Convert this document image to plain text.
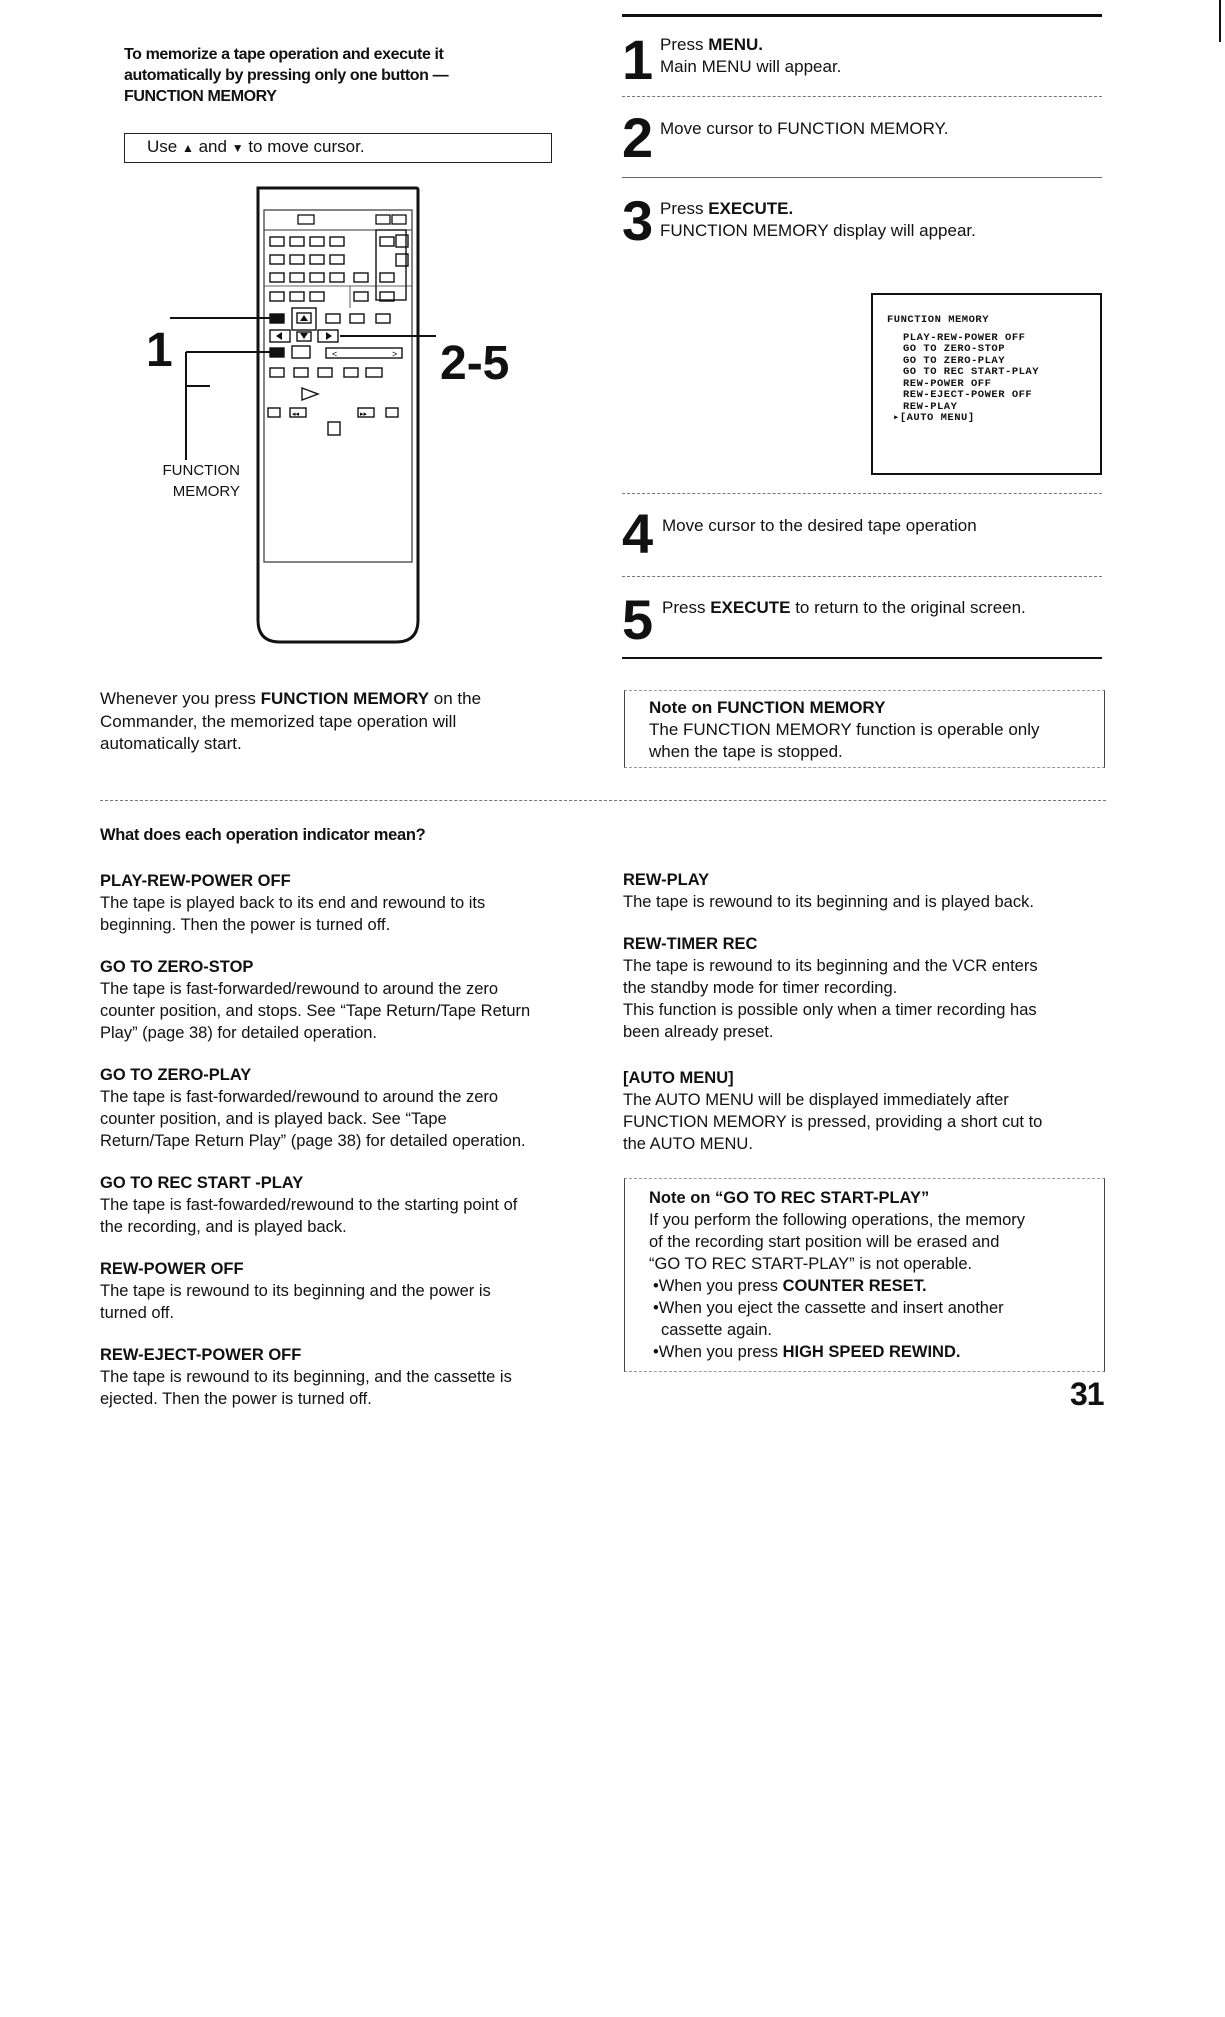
To memorize a tape operation and execute it
automatically by pressing only one button —
FUNCTION MEMORY
Use ▲ and ▼ to move cursor.
<	>
◂◂	▸▸
1	2-5
FUNCTION
MEMORY
1 Press MENU.
Main MENU will appear.
2 Move cursor to FUNCTION MEMORY.
3 Press EXECUTE.
FUNCTION MEMORY display will appear.
FUNCTION MEMORY
PLAY-REW-POWER OFF
GO TO ZERO-STOP
GO TO ZERO-PLAY
GO TO REC START-PLAY
REW-POWER OFF
REW-EJECT-POWER OFF
REW-PLAY
▸[AUTO MENU]
4 Move cursor to the desired tape operation
5 Press EXECUTE to return to the original screen.
Whenever you press FUNCTION MEMORY on the
Commander, the memorized tape operation will
automatically start.
Note on FUNCTION MEMORY
The FUNCTION MEMORY function is operable only
when the tape is stopped.
What does each operation indicator mean?

PLAY-REW-POWER OFF

The tape is played back to its end and rewound to its

beginning. Then the power is turned off.

GO TO ZERO-STOP

The tape is fast-forwarded/rewound to around the zero

counter position, and stops. See “Tape Return/Tape Return

Play” (page 38) for detailed operation.

GO TO ZERO-PLAY

The tape is fast-forwarded/rewound to around the zero

counter position, and is played back. See “Tape

Return/Tape Return Play” (page 38) for detailed operation.

GO TO REC START -PLAY

The tape is fast-fowarded/rewound to the starting point of

the recording, and is played back.

REW-POWER OFF

The tape is rewound to its beginning and the power is

turned off.

REW-EJECT-POWER OFF

The tape is rewound to its beginning, and the cassette is

ejected. Then the power is turned off.

REW-PLAY

The tape is rewound to its beginning and is played back.

REW-TIMER REC

The tape is rewound to its beginning and the VCR enters

the standby mode for timer recording.

This function is possible only when a timer recording has

been already preset.

[AUTO MENU]

The AUTO MENU will be displayed immediately after

FUNCTION MEMORY is pressed, providing a short cut to

the AUTO MENU.

Note on “GO TO REC START-PLAY”

If you perform the following operations, the memory

of the recording start position will be erased and

“GO TO REC START-PLAY” is not operable.

•When you press COUNTER RESET.
•When you eject the cassette and insert another
cassette again.
•When you press HIGH SPEED REWIND.
31
